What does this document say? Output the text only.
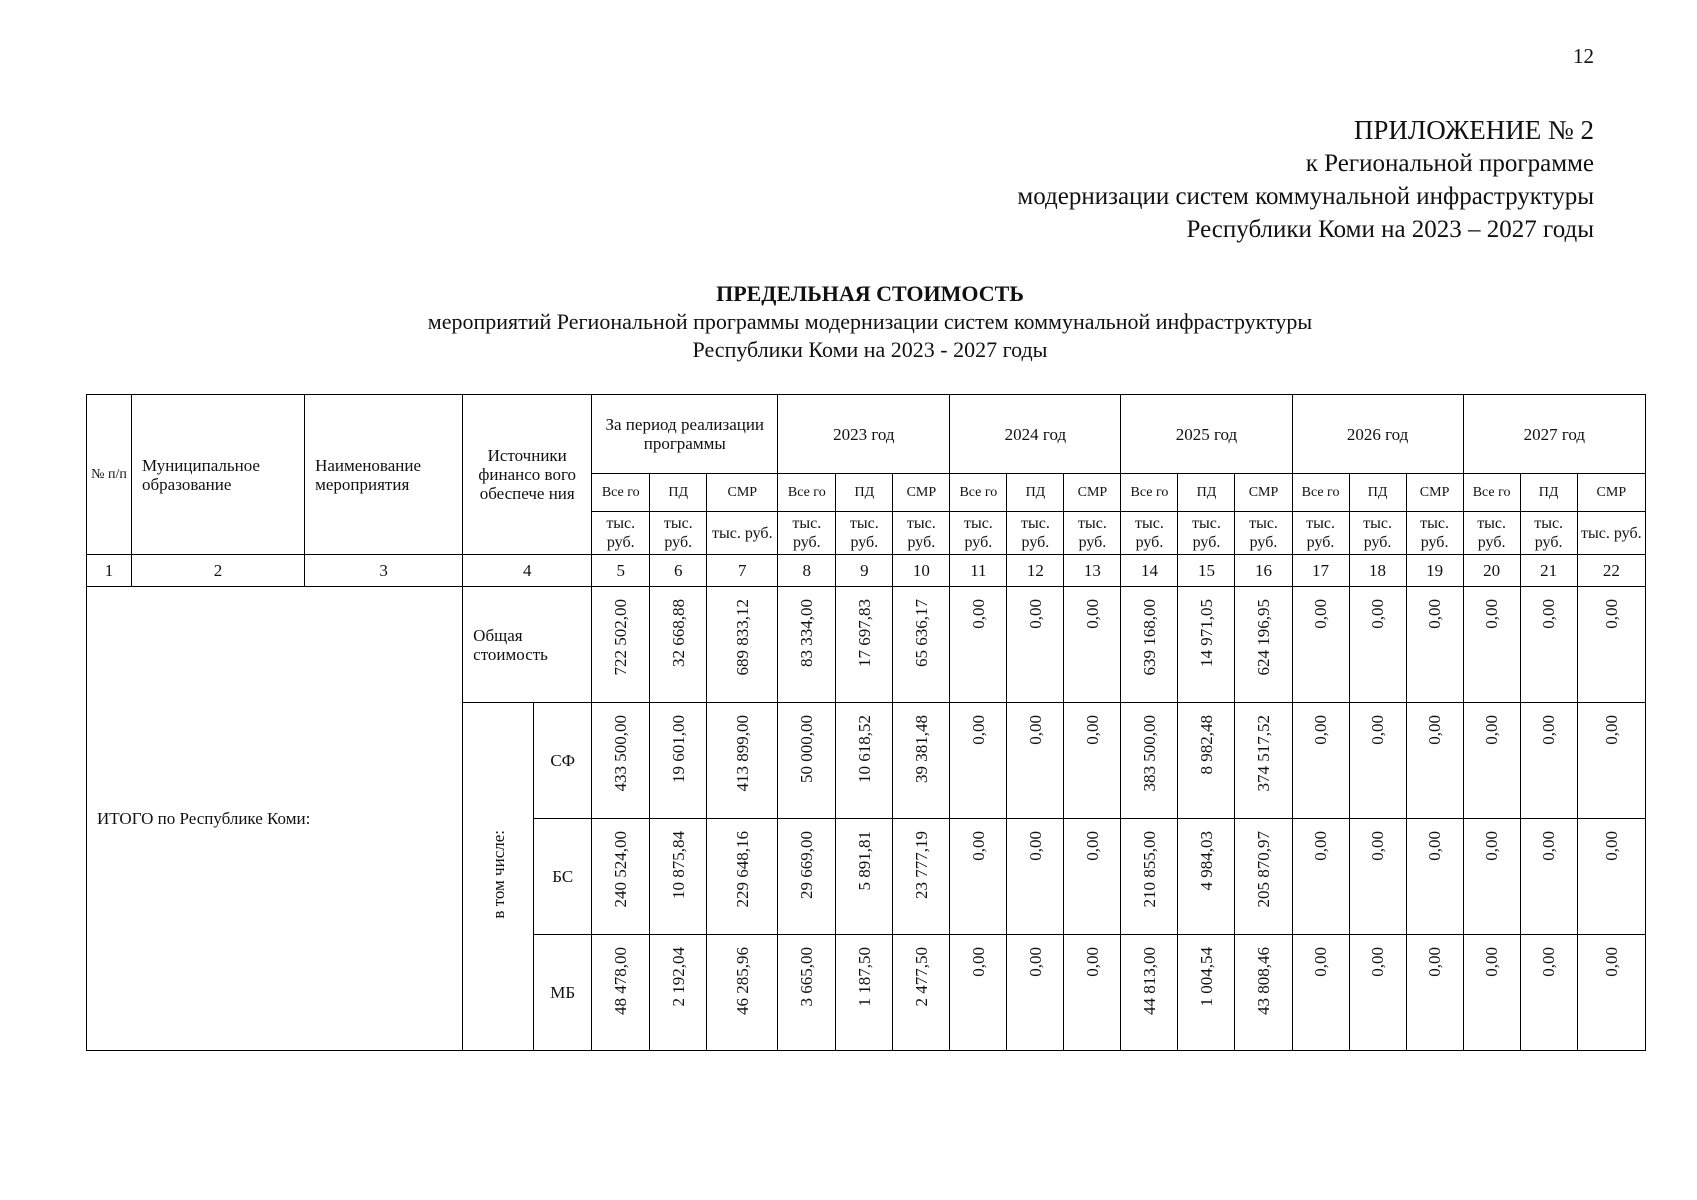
12
ПРИЛОЖЕНИЕ № 2
к Региональной программе
модернизации систем коммунальной инфраструктуры
Республики Коми на 2023 – 2027 годы
ПРЕДЕЛЬНАЯ СТОИМОСТЬ
мероприятий Региональной программы модернизации систем коммунальной инфраструктуры
Республики Коми на 2023 - 2027 годы
№ п/п	Муниципальное образование	Наименование мероприятия	Источники финансо вого обеспече ния		За период реализации программы			2023 год			2024 год			2025 год			2026 год			2027 год		
					Все го	ПД	СМР	Все го	ПД	СМР	Все го	ПД	СМР	Все го	ПД	СМР	Все го	ПД	СМР	Все го	ПД	СМР
					тыс. руб.	тыс. руб.	тыс. руб.	тыс. руб.	тыс. руб.	тыс. руб.	тыс. руб.	тыс. руб.	тыс. руб.	тыс. руб.	тыс. руб.	тыс. руб.	тыс. руб.	тыс. руб.	тыс. руб.	тыс. руб.	тыс. руб.	тыс. руб.
1	2	3	4		5	6	7	8	9	10	11	12	13	14	15	16	17	18	19	20	21	22
ИТОГО по Республике Коми:			Общая стоимость		722 502,00	32 668,88	689 833,12	83 334,00	17 697,83	65 636,17	0,00	0,00	0,00	639 168,00	14 971,05	624 196,95	0,00	0,00	0,00	0,00	0,00	0,00
			в том числе:	СФ	433 500,00	19 601,00	413 899,00	50 000,00	10 618,52	39 381,48	0,00	0,00	0,00	383 500,00	8 982,48	374 517,52	0,00	0,00	0,00	0,00	0,00	0,00
				БС	240 524,00	10 875,84	229 648,16	29 669,00	5 891,81	23 777,19	0,00	0,00	0,00	210 855,00	4 984,03	205 870,97	0,00	0,00	0,00	0,00	0,00	0,00
				МБ	48 478,00	2 192,04	46 285,96	3 665,00	1 187,50	2 477,50	0,00	0,00	0,00	44 813,00	1 004,54	43 808,46	0,00	0,00	0,00	0,00	0,00	0,00
